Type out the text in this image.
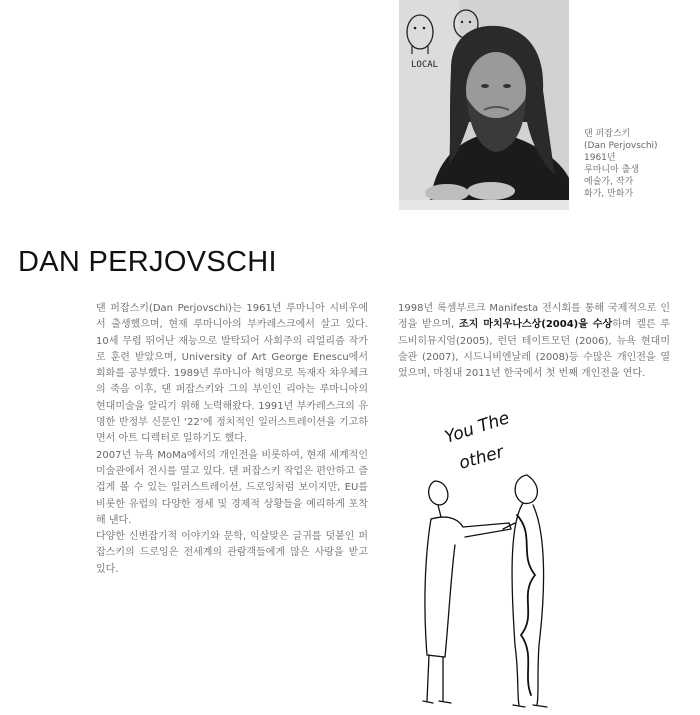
LOCAL
댄 퍼잡스키
(Dan Perjovschi)
1961년
루마니아 출생
예술가, 작가
화가, 만화가
DAN PERJOVSCHI

댄 퍼잡스키(Dan Perjovschi)는 1961년 루마니아 시비우에서 출생했으며, 현재 루마니아의 부카레스크에서 살고 있다. 10세 무렵 뛰어난 재능으로 발탁되어 사회주의 리얼리즘 작가로 훈련 받았으며, University of Art George Enescu에서 회화를 공부했다. 1989년 루마니아 혁명으로 독재자 챠우체크의 죽음 이후, 댄 퍼잡스키와 그의 부인인 리아는 루마니아의 현대미술을 알리기 위해 노력해왔다. 1991년 부카레스크의 유명한 반정부 신문인 ‘22’에 정치적인 일러스트레이션을 기고하면서 아트 디렉터로 일하기도 했다.

2007년 뉴욕 MoMa에서의 개인전을 비롯하여, 현재 세계적인 미술관에서 전시를 열고 있다. 댄 퍼잡스키 작업은 편안하고 즐겁게 볼 수 있는 일러스트레이션, 드로잉처럼 보이지만, EU를 비롯한 유럽의 다양한 정세 및 경제적 상황들을 예리하게 포착해 낸다.

다양한 신변잡기적 이야기와 문학, 익살맞은 글귀를 덧붙인 퍼잡스키의 드로잉은 전세계의 관람객들에게 많은 사랑을 받고 있다.

1998년 록셈부르크 Manifesta 전시회를 통해 국제적으로 인정을 받으며, 조지 마치우나스상(2004)을 수상하며 켈른 루드비히뮤지엄(2005), 런던 테이트모던 (2006), 뉴욕 현대미술관 (2007), 시드니비엔날레 (2008)등 수많은 개인전을 열었으며, 마침내 2011년 한국에서 첫 번째 개인전을 연다.

You The
other
